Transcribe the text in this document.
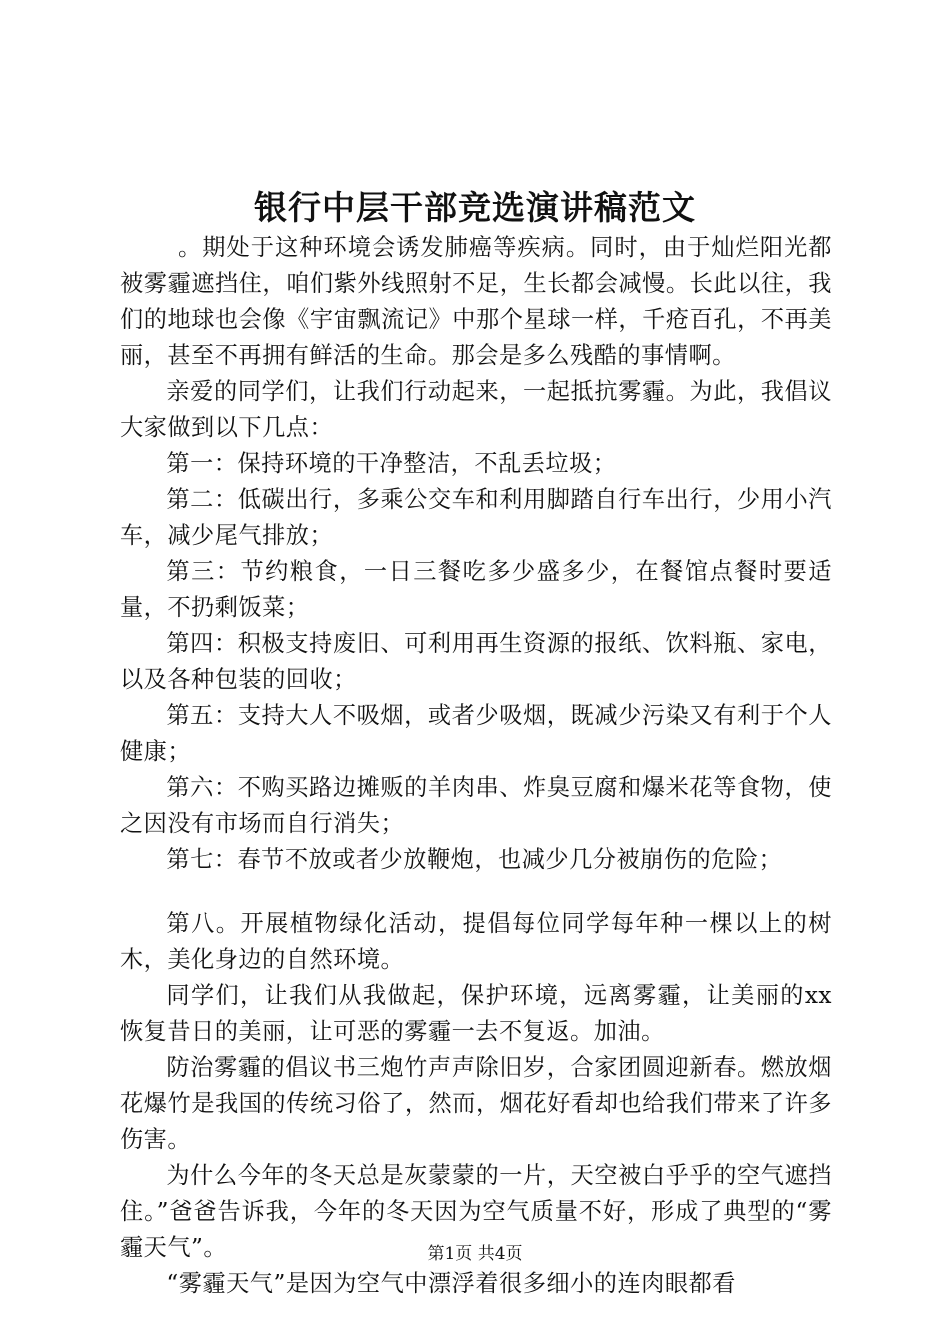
银行中层干部竞选演讲稿范文

。期处于这种环境会诱发肺癌等疾病。同时，由于灿烂阳光都被雾霾遮挡住，咱们紫外线照射不足，生长都会减慢。长此以往，我们的地球也会像《宇宙飘流记》中那个星球一样，千疮百孔，不再美丽，甚至不再拥有鲜活的生命。那会是多么残酷的事情啊。

亲爱的同学们，让我们行动起来，一起抵抗雾霾。为此，我倡议大家做到以下几点：

第一：保持环境的干净整洁，不乱丢垃圾；

第二：低碳出行，多乘公交车和利用脚踏自行车出行，少用小汽车，减少尾气排放；

第三：节约粮食，一日三餐吃多少盛多少，在餐馆点餐时要适量，不扔剩饭菜；

第四：积极支持废旧、可利用再生资源的报纸、饮料瓶、家电，以及各种包装的回收；

第五：支持大人不吸烟，或者少吸烟，既减少污染又有利于个人健康；

第六：不购买路边摊贩的羊肉串、炸臭豆腐和爆米花等食物，使之因没有市场而自行消失；

第七：春节不放或者少放鞭炮，也减少几分被崩伤的危险；

第八。开展植物绿化活动，提倡每位同学每年种一棵以上的树木，美化身边的自然环境。

同学们，让我们从我做起，保护环境，远离雾霾，让美丽的xx恢复昔日的美丽，让可恶的雾霾一去不复返。加油。

防治雾霾的倡议书三炮竹声声除旧岁，合家团圆迎新春。燃放烟花爆竹是我国的传统习俗了，然而，烟花好看却也给我们带来了许多伤害。

为什么今年的冬天总是灰蒙蒙的一片，天空被白乎乎的空气遮挡住。”爸爸告诉我，今年的冬天因为空气质量不好，形成了典型的“雾霾天气”。

“雾霾天气”是因为空气中漂浮着很多细小的连肉眼都看

第1页 共4页
